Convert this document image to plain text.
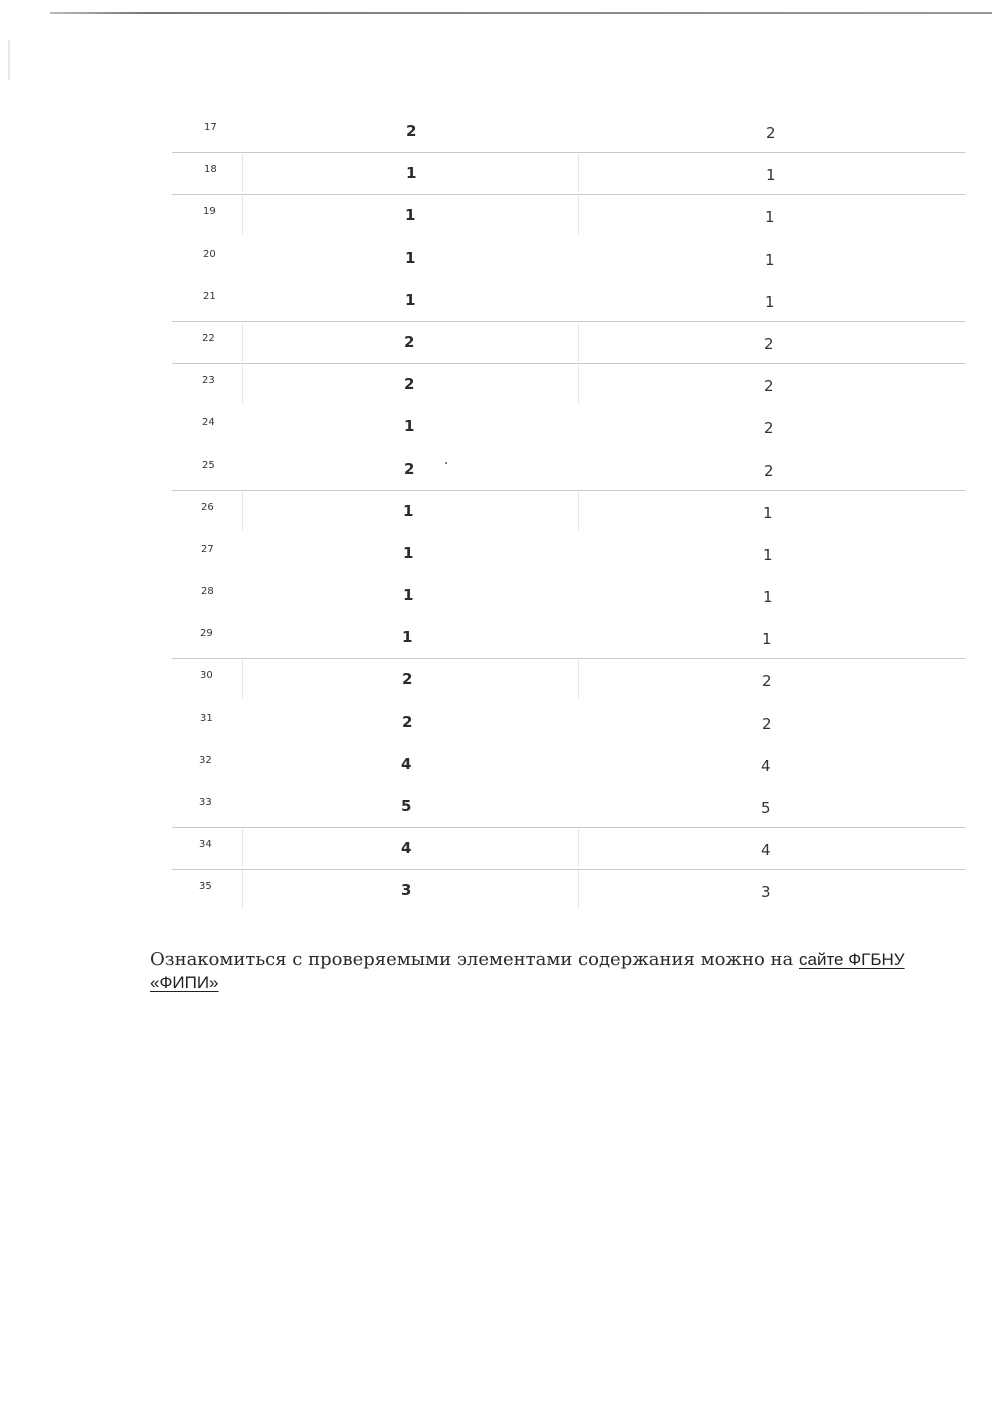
17	2	2
18	1	1
19	1	1
20	1	1
21	1	1
22	2	2
23	2	2
24	1	2
25	2	2
26	1	1
27	1	1
28	1	1
29	1	1
30	2	2
31	2	2
32	4	4
33	5	5
34	4	4
35	3	3
Ознакомиться с проверяемыми элементами содержания можно на сайте ФГБНУ «ФИПИ»
